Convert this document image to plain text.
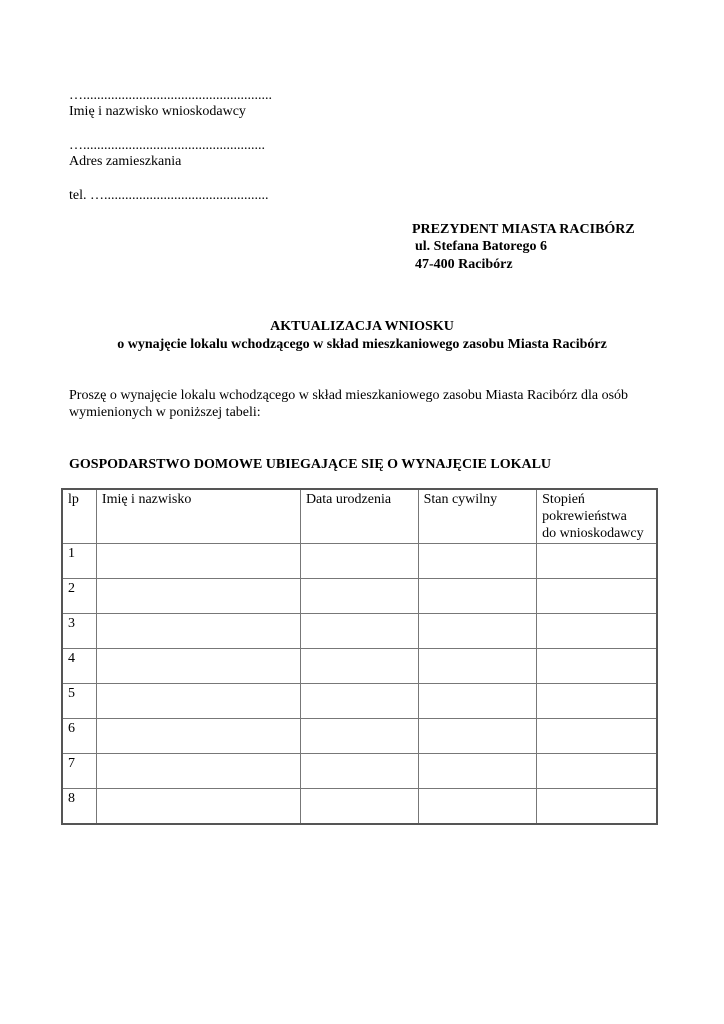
…......................................................
Imię i nazwisko wnioskodawcy
…....................................................
Adres zamieszkania
tel. …...............................................
PREZYDENT MIASTA RACIBÓRZ
ul. Stefana Batorego 6
47-400 Racibórz
AKTUALIZACJA WNIOSKU
o wynajęcie lokalu wchodzącego w skład mieszkaniowego zasobu Miasta Racibórz
Proszę o wynajęcie lokalu wchodzącego w skład mieszkaniowego zasobu Miasta Racibórz dla osób wymienionych w poniższej tabeli:
GOSPODARSTWO DOMOWE UBIEGAJĄCE SIĘ O WYNAJĘCIE LOKALU
lp	Imię i nazwisko	Data urodzenia	Stan cywilny	Stopień
pokrewieństwa
do wnioskodawcy

1				
2				
3				
4				
5				
6				
7				
8				
